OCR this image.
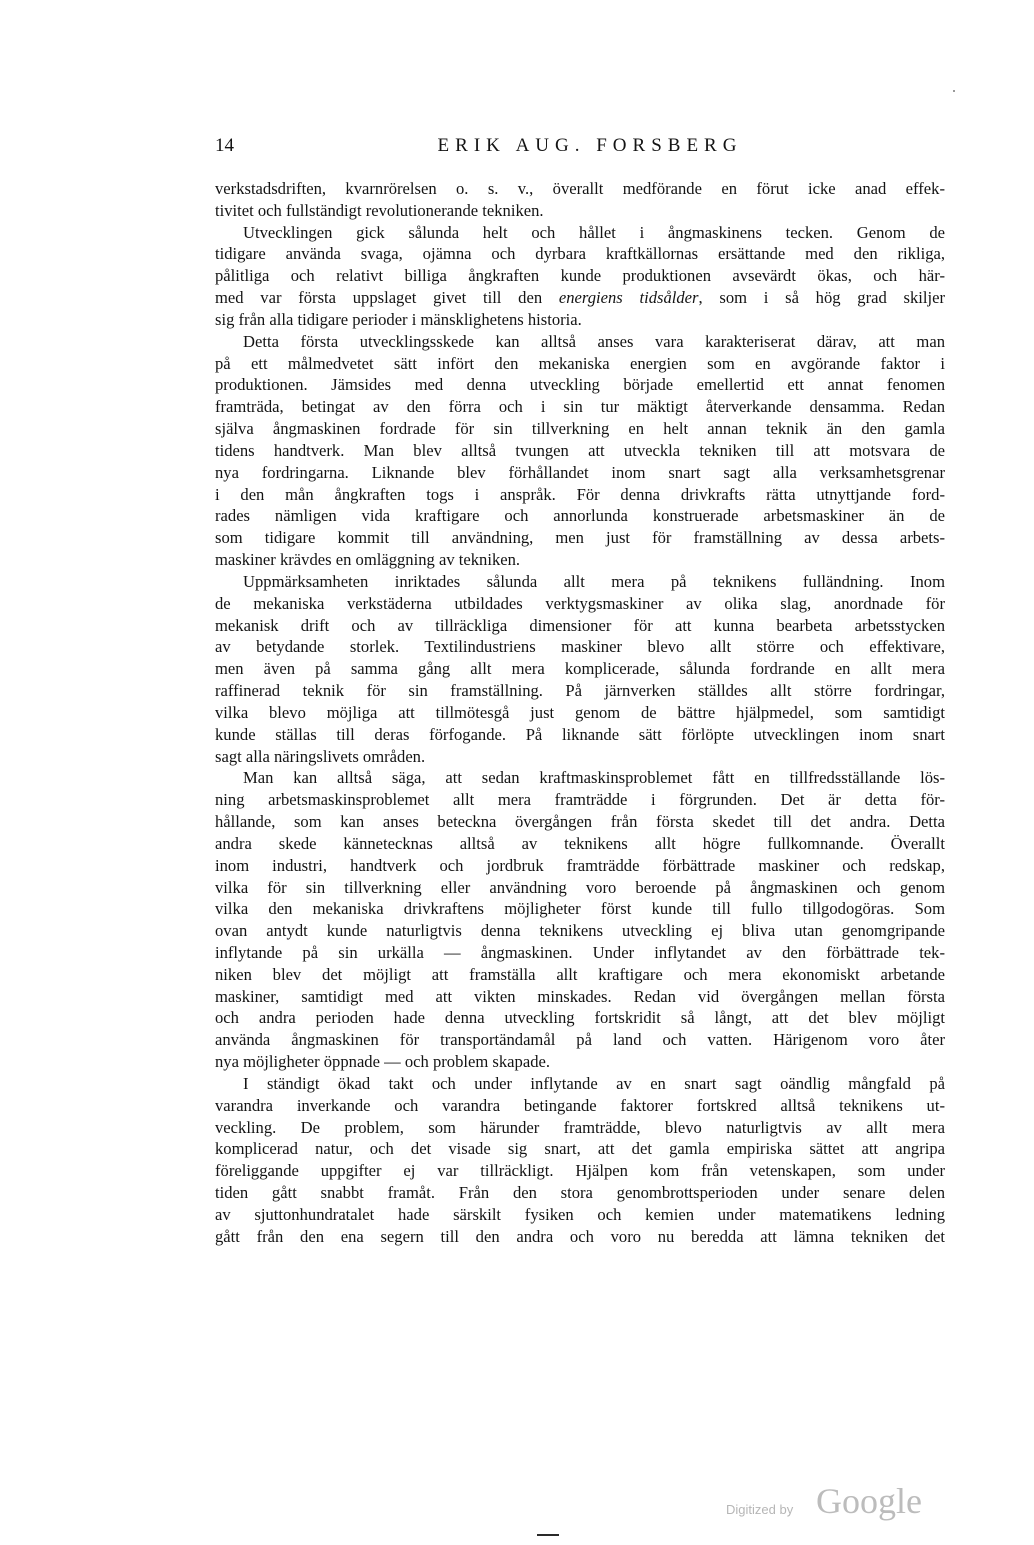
14	ERIK AUG. FORSBERG
verkstadsdriften, kvarnrörelsen o. s. v., överallt medförande en förut icke anad effek-
tivitet och fullständigt revolutionerande tekniken.
Utvecklingen gick sålunda helt och hållet i ångmaskinens tecken. Genom de
tidigare använda svaga, ojämna och dyrbara kraftkällornas ersättande med den rikliga,
pålitliga och relativt billiga ångkraften kunde produktionen avsevärdt ökas, och här-
med var första uppslaget givet till den energiens tidsålder, som i så hög grad skiljer
sig från alla tidigare perioder i mänsklighetens historia.
Detta första utvecklingsskede kan alltså anses vara karakteriserat därav, att man
på ett målmedvetet sätt infört den mekaniska energien som en avgörande faktor i
produktionen. Jämsides med denna utveckling började emellertid ett annat fenomen
framträda, betingat av den förra och i sin tur mäktigt återverkande densamma. Redan
själva ångmaskinen fordrade för sin tillverkning en helt annan teknik än den gamla
tidens handtverk. Man blev alltså tvungen att utveckla tekniken till att motsvara de
nya fordringarna. Liknande blev förhållandet inom snart sagt alla verksamhetsgrenar
i den mån ångkraften togs i anspråk. För denna drivkrafts rätta utnyttjande ford-
rades nämligen vida kraftigare och annorlunda konstruerade arbetsmaskiner än de
som tidigare kommit till användning, men just för framställning av dessa arbets-
maskiner krävdes en omläggning av tekniken.
Uppmärksamheten inriktades sålunda allt mera på teknikens fulländning. Inom
de mekaniska verkstäderna utbildades verktygsmaskiner av olika slag, anordnade för
mekanisk drift och av tillräckliga dimensioner för att kunna bearbeta arbetsstycken
av betydande storlek. Textilindustriens maskiner blevo allt större och effektivare,
men även på samma gång allt mera komplicerade, sålunda fordrande en allt mera
raffinerad teknik för sin framställning. På järnverken ställdes allt större fordringar,
vilka blevo möjliga att tillmötesgå just genom de bättre hjälpmedel, som samtidigt
kunde ställas till deras förfogande. På liknande sätt förlöpte utvecklingen inom snart
sagt alla näringslivets områden.
Man kan alltså säga, att sedan kraftmaskinsproblemet fått en tillfredsställande lös-
ning arbetsmaskinsproblemet allt mera framträdde i förgrunden. Det är detta för-
hållande, som kan anses beteckna övergången från första skedet till det andra. Detta
andra skede kännetecknas alltså av teknikens allt högre fullkomnande. Överallt
inom industri, handtverk och jordbruk framträdde förbättrade maskiner och redskap,
vilka för sin tillverkning eller användning voro beroende på ångmaskinen och genom
vilka den mekaniska drivkraftens möjligheter först kunde till fullo tillgodogöras. Som
ovan antydt kunde naturligtvis denna teknikens utveckling ej bliva utan genomgripande
inflytande på sin urkälla — ångmaskinen. Under inflytandet av den förbättrade tek-
niken blev det möjligt att framställa allt kraftigare och mera ekonomiskt arbetande
maskiner, samtidigt med att vikten minskades. Redan vid övergången mellan första
och andra perioden hade denna utveckling fortskridit så långt, att det blev möjligt
använda ångmaskinen för transportändamål på land och vatten. Härigenom voro åter
nya möjligheter öppnade — och problem skapade.
I ständigt ökad takt och under inflytande av en snart sagt oändlig mångfald på
varandra inverkande och varandra betingande faktorer fortskred alltså teknikens ut-
veckling. De problem, som härunder framträdde, blevo naturligtvis av allt mera
komplicerad natur, och det visade sig snart, att det gamla empiriska sättet att angripa
föreliggande uppgifter ej var tillräckligt. Hjälpen kom från vetenskapen, som under
tiden gått snabbt framåt. Från den stora genombrottsperioden under senare delen
av sjuttonhundratalet hade särskilt fysiken och kemien under matematikens ledning
gått från den ena segern till den andra och voro nu beredda att lämna tekniken det
Digitized by Google
